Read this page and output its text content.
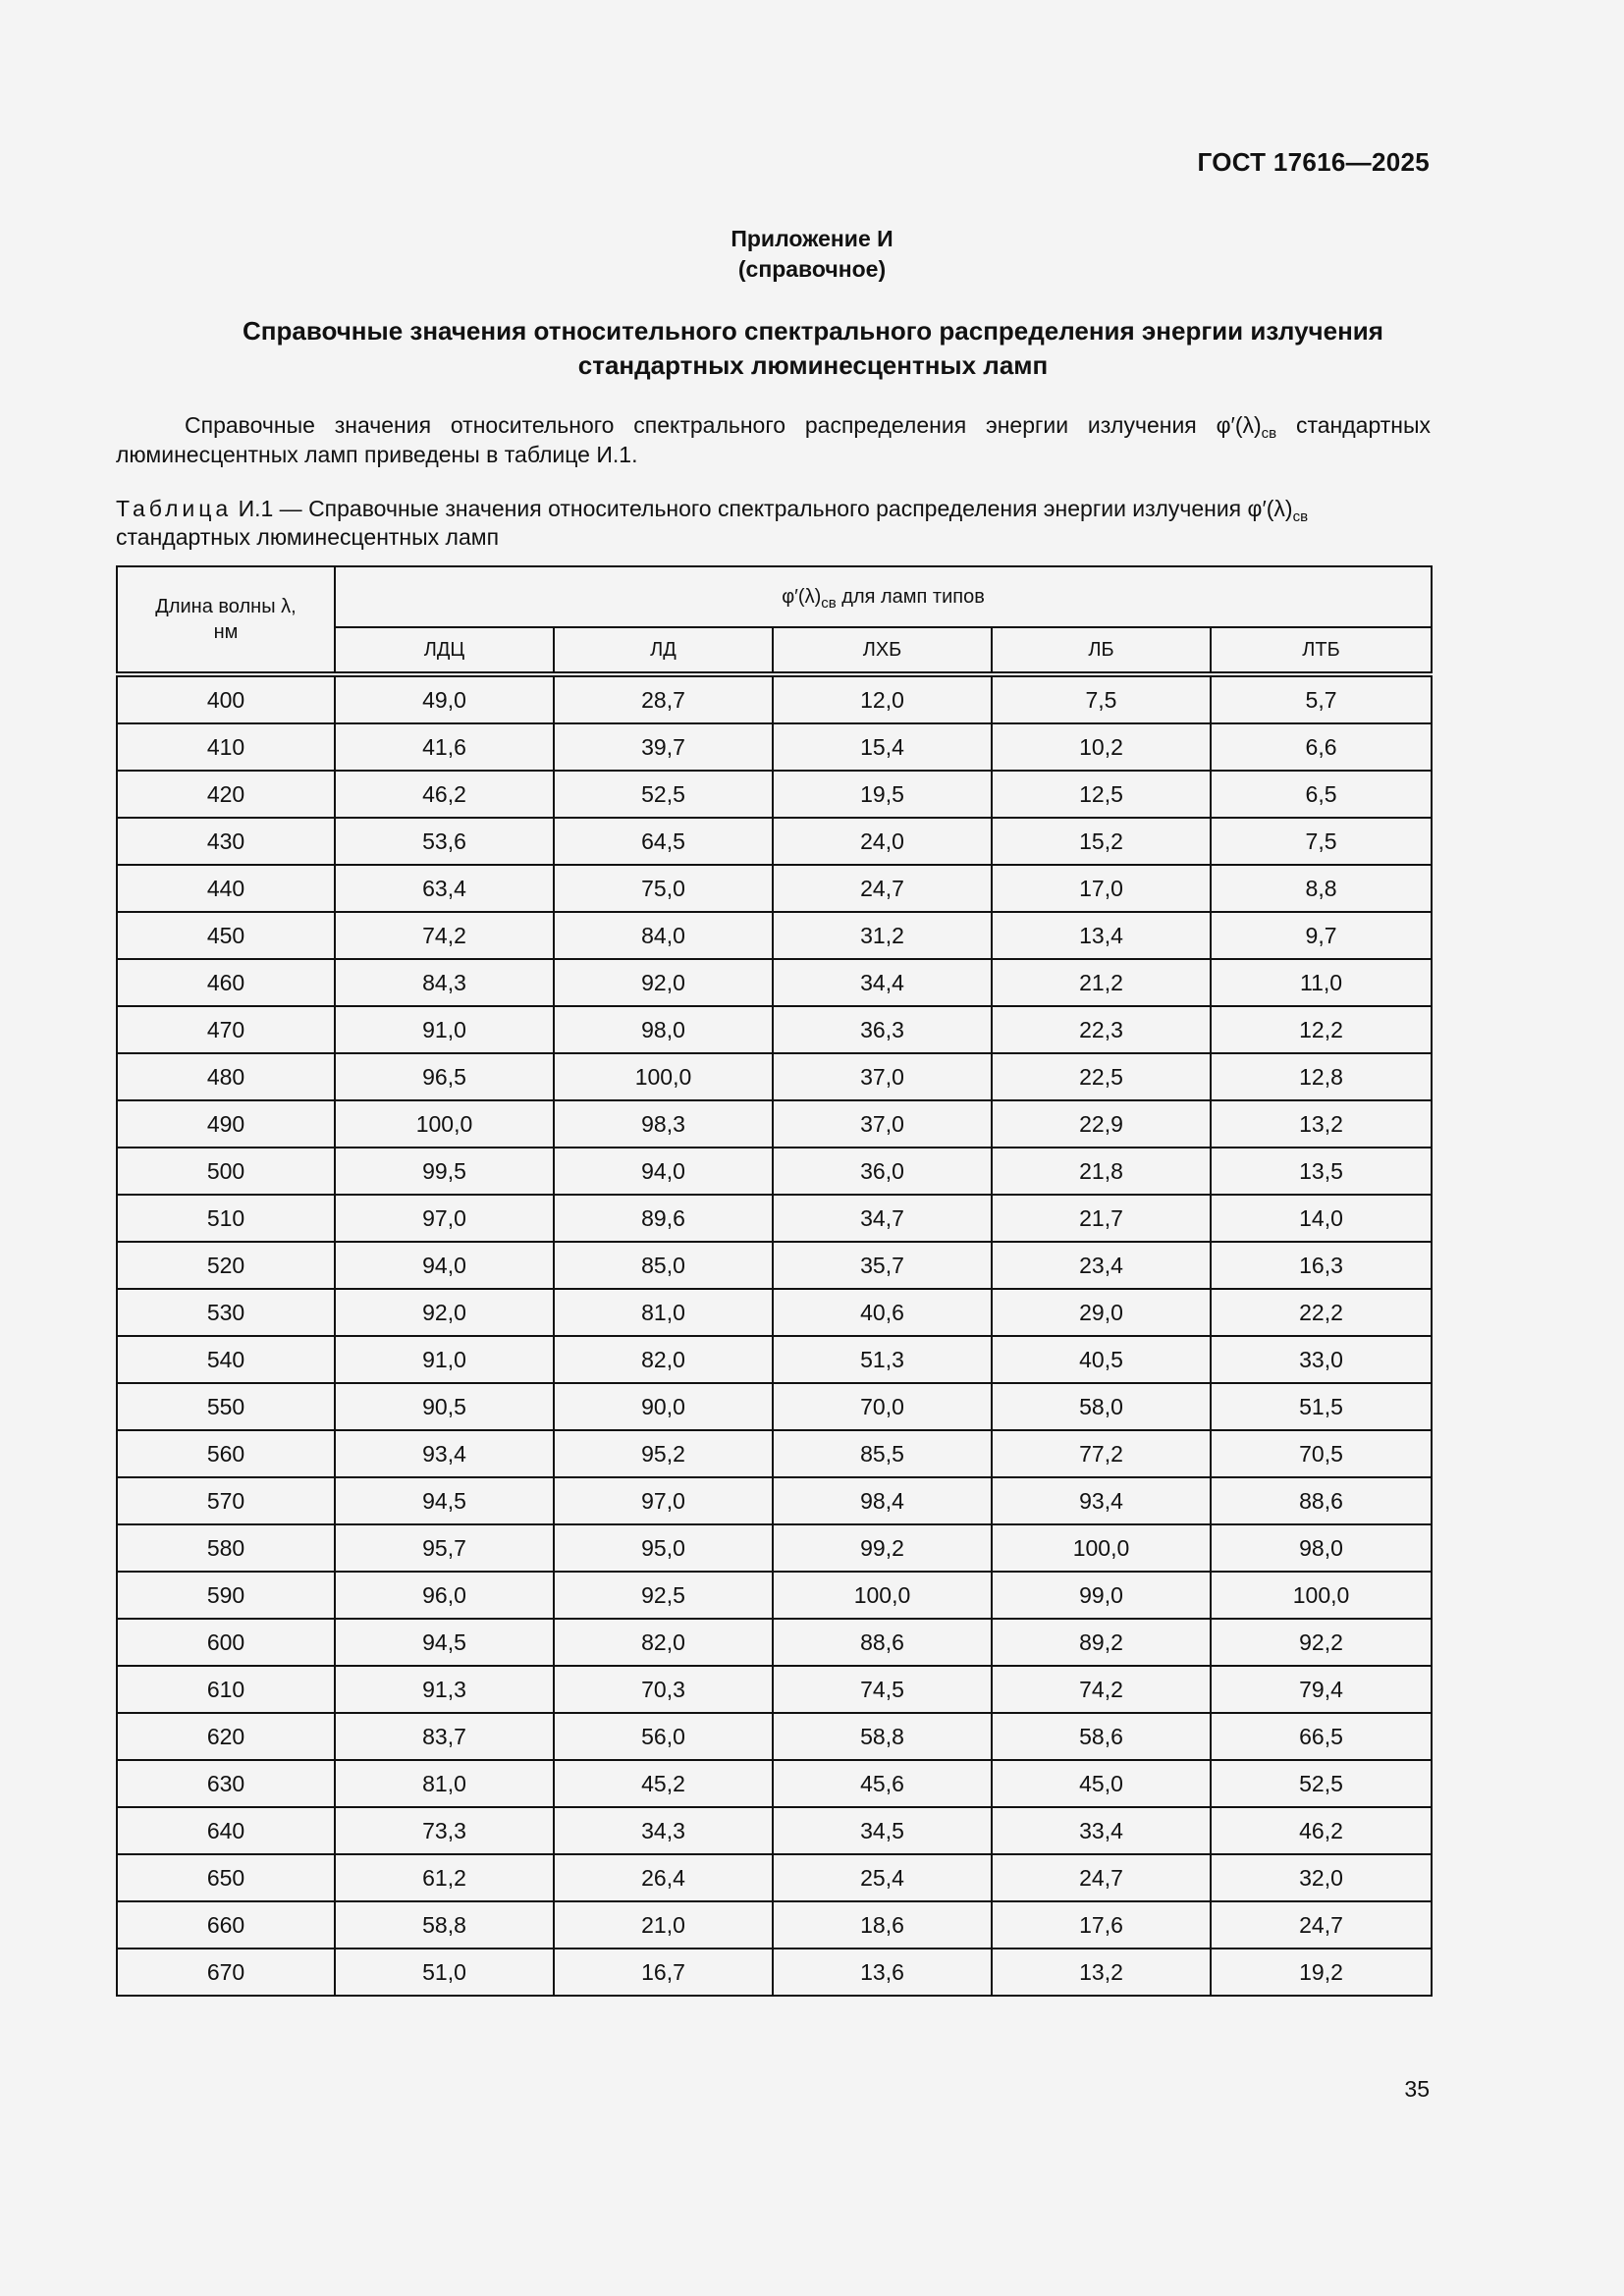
ГОСТ 17616—2025
Приложение И
(справочное)
Справочные значения относительного спектрального распределения энергии излучения
стандартных люминесцентных ламп
Справочные значения относительного спектрального распределения энергии излучения $\varphi'(\lambda)_{св}$ стандартных люминесцентных ламп приведены в таблице И.1.
Таблица И.1 — Справочные значения относительного спектрального распределения энергии излучения $\varphi'(\lambda)_{св}$
стандартных люминесцентных ламп
Длина волны λ,
нм	$\varphi'(\lambda)_{св}$ для ламп типов				
	ЛДЦ	ЛД	ЛХБ	ЛБ	ЛТБ
400	49,0	28,7	12,0	7,5	5,7
410	41,6	39,7	15,4	10,2	6,6
420	46,2	52,5	19,5	12,5	6,5
430	53,6	64,5	24,0	15,2	7,5
440	63,4	75,0	24,7	17,0	8,8
450	74,2	84,0	31,2	13,4	9,7
460	84,3	92,0	34,4	21,2	11,0
470	91,0	98,0	36,3	22,3	12,2
480	96,5	100,0	37,0	22,5	12,8
490	100,0	98,3	37,0	22,9	13,2
500	99,5	94,0	36,0	21,8	13,5
510	97,0	89,6	34,7	21,7	14,0
520	94,0	85,0	35,7	23,4	16,3
530	92,0	81,0	40,6	29,0	22,2
540	91,0	82,0	51,3	40,5	33,0
550	90,5	90,0	70,0	58,0	51,5
560	93,4	95,2	85,5	77,2	70,5
570	94,5	97,0	98,4	93,4	88,6
580	95,7	95,0	99,2	100,0	98,0
590	96,0	92,5	100,0	99,0	100,0
600	94,5	82,0	88,6	89,2	92,2
610	91,3	70,3	74,5	74,2	79,4
620	83,7	56,0	58,8	58,6	66,5
630	81,0	45,2	45,6	45,0	52,5
640	73,3	34,3	34,5	33,4	46,2
650	61,2	26,4	25,4	24,7	32,0
660	58,8	21,0	18,6	17,6	24,7
670	51,0	16,7	13,6	13,2	19,2
35
